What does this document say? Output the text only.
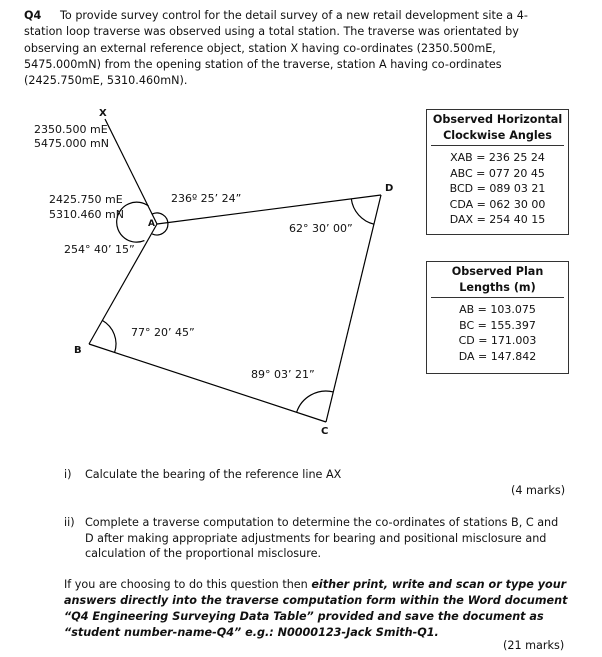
Q4 To provide survey control for the detail survey of a new retail development site a 4-
station loop traverse was observed using a total station. The traverse was orientated by
observing an external reference object, station X having co-ordinates (2350.500mE,
5475.000mN) from the opening station of the traverse, station A having co-ordinates
(2425.750mE, 5310.460mN).
X
A
B
C
D
2350.500 mE
5475.000 mN
2425.750 mE
5310.460 mN
236º 25’ 24”
254° 40’ 15”
77° 20’ 45”
89° 03’ 21”
62° 30’ 00”
Observed Horizontal
Clockwise Angles
XAB = 236 25 24
ABC = 077 20 45
BCD = 089 03 21
CDA = 062 30 00
DAX = 254 40 15
Observed Plan
Lengths (m)
AB = 103.075
BC = 155.397
CD = 171.003
DA = 147.842
i) Calculate the bearing of the reference line AX
(4 marks)
ii) Complete a traverse computation to determine the co-ordinates of stations B, C and
D after making appropriate adjustments for bearing and positional misclosure and
calculation of the proportional misclosure.
If you are choosing to do this question then either print, write and scan or type your
answers directly into the traverse computation form within the Word document
“Q4 Engineering Surveying Data Table” provided and save the document as
“student number-name-Q4” e.g.: N0000123-Jack Smith-Q1.
(21 marks)
